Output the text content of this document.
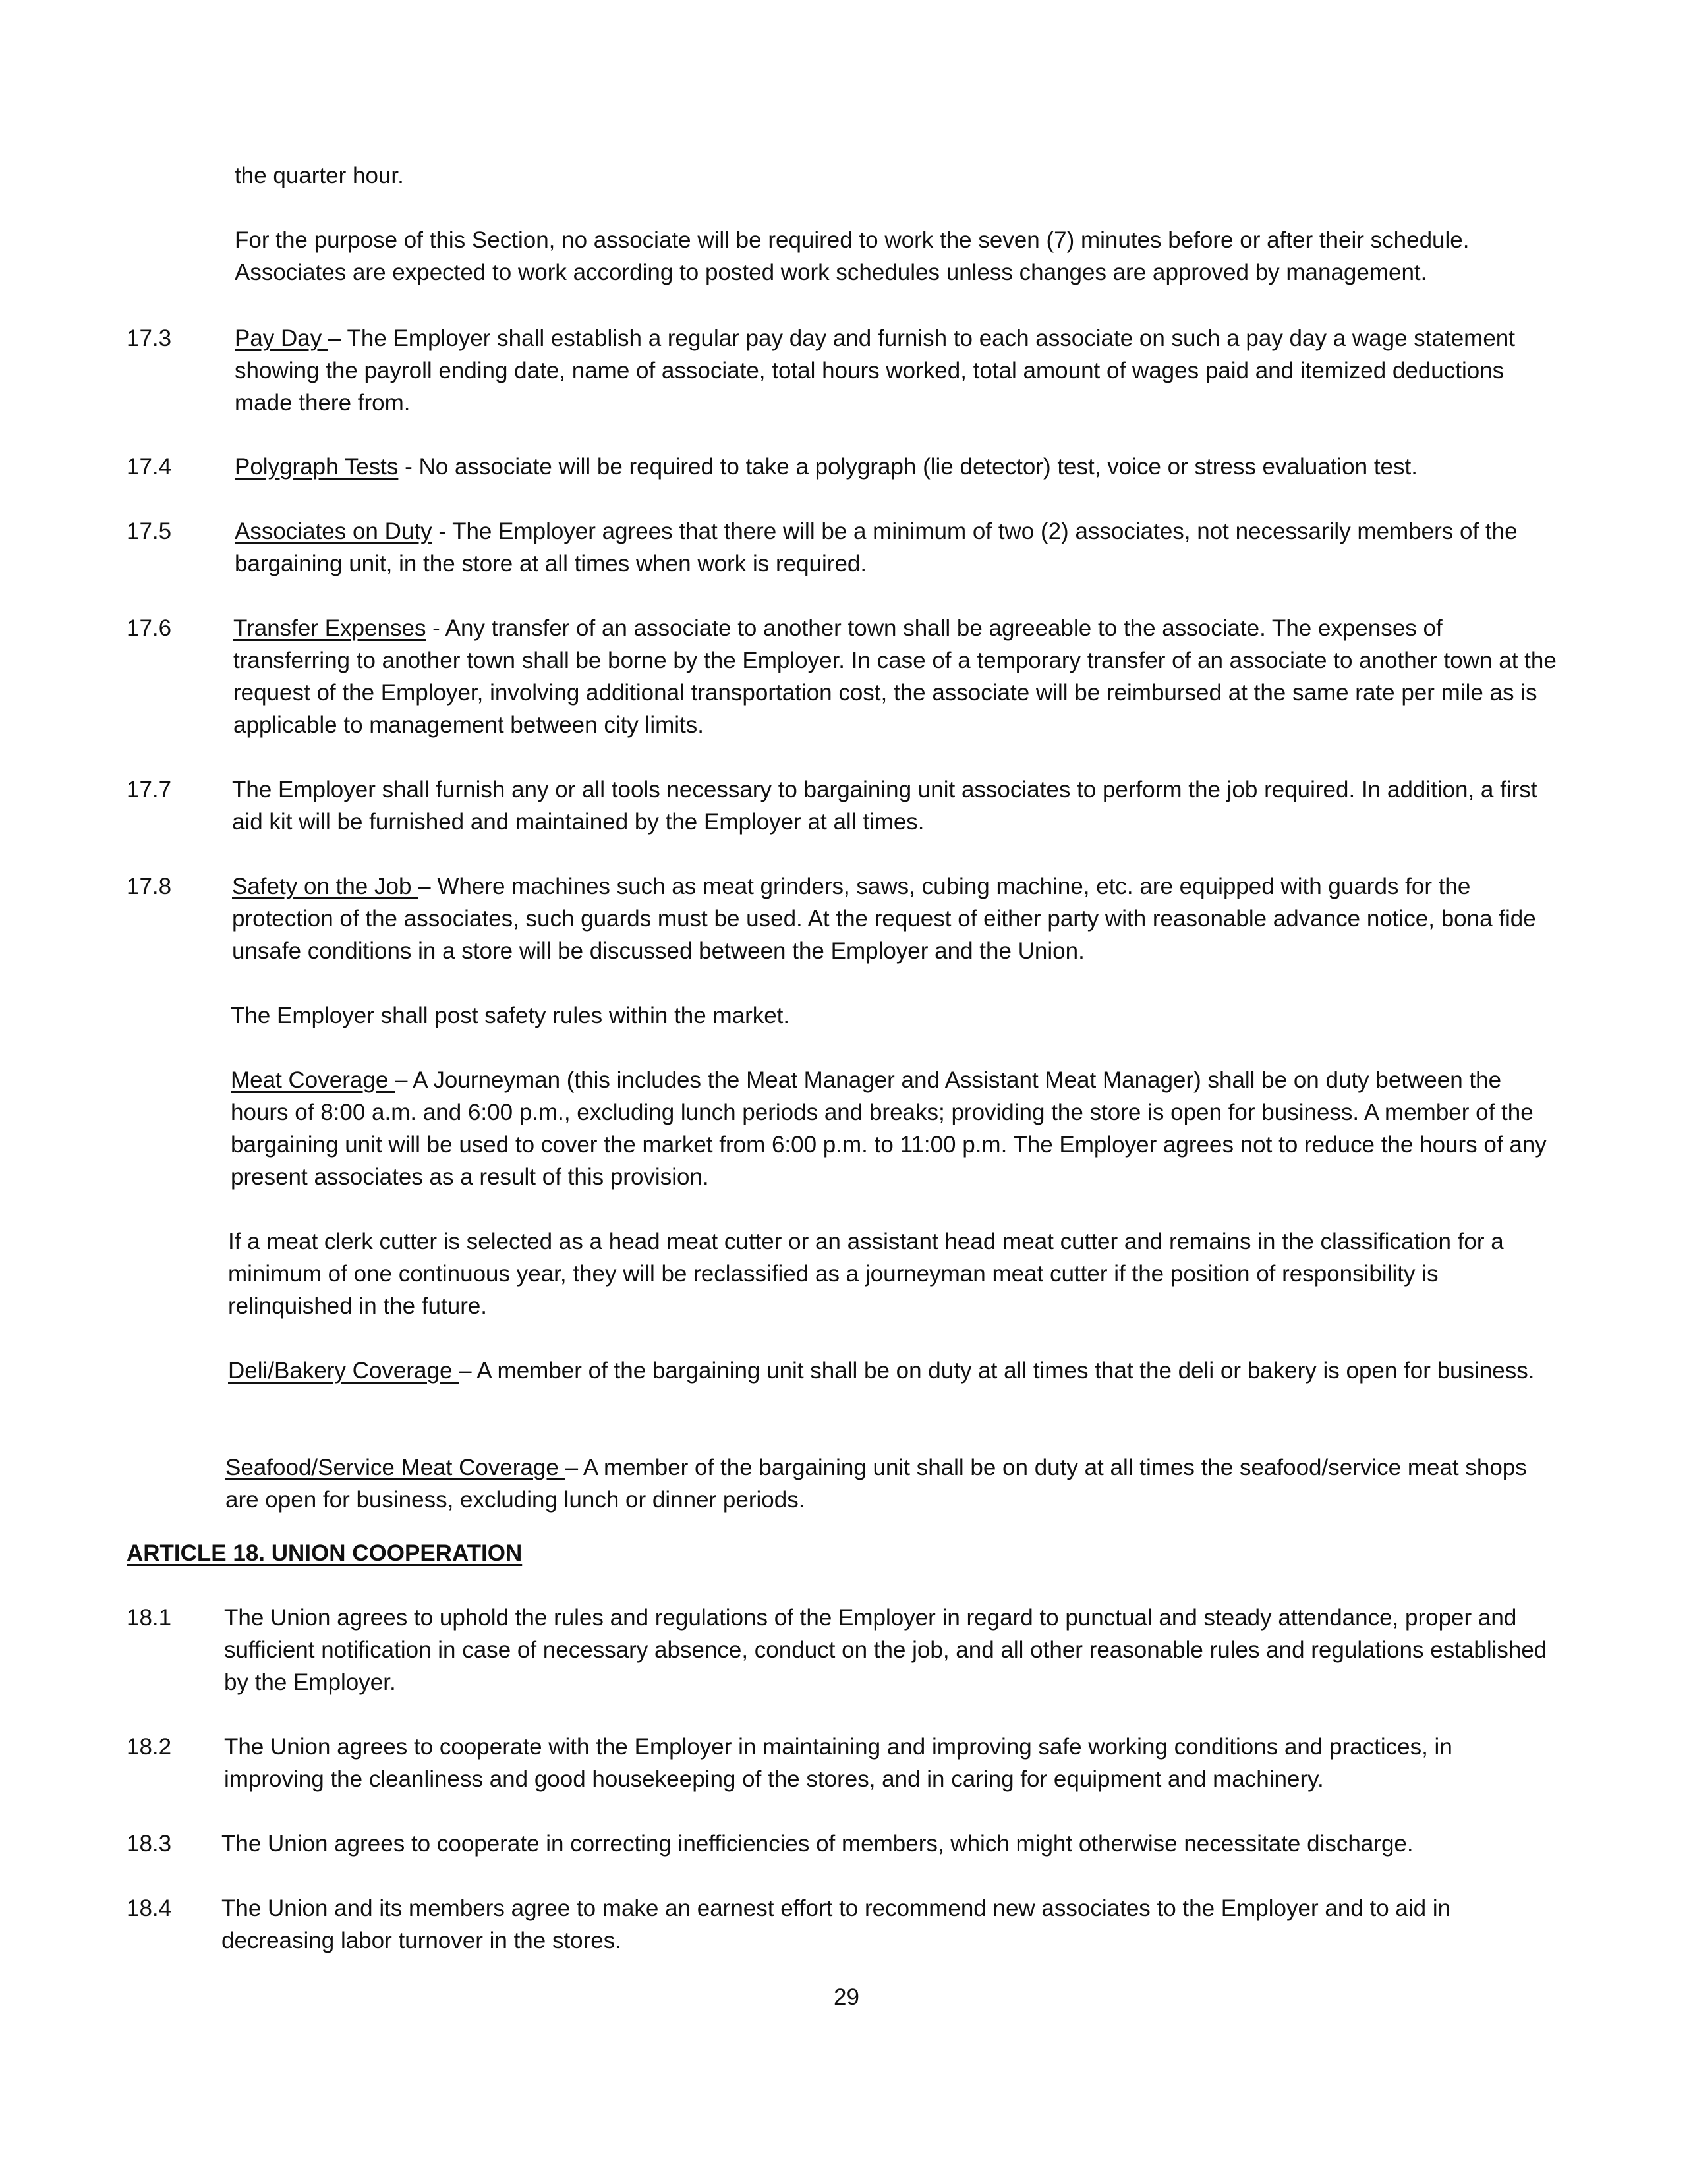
the quarter hour.
For the purpose of this Section, no associate will be required to work the seven (7) minutes before or after their schedule. Associates are expected to work according to posted work schedules unless changes are approved by management.
17.3	Pay Day – The Employer shall establish a regular pay day and furnish to each associate on such a pay day a wage statement showing the payroll ending date, name of associate, total hours worked, total amount of wages paid and itemized deductions made there from.
17.4	Polygraph Tests - No associate will be required to take a polygraph (lie detector) test, voice or stress evaluation test.
17.5	Associates on Duty - The Employer agrees that there will be a minimum of two (2) associates, not necessarily members of the bargaining unit, in the store at all times when work is required.
17.6	Transfer Expenses - Any transfer of an associate to another town shall be agreeable to the associate. The expenses of transferring to another town shall be borne by the Employer. In case of a temporary transfer of an associate to another town at the request of the Employer, involving additional transportation cost, the associate will be reimbursed at the same rate per mile as is applicable to management between city limits.
17.7	The Employer shall furnish any or all tools necessary to bargaining unit associates to perform the job required. In addition, a first aid kit will be furnished and maintained by the Employer at all times.
17.8	Safety on the Job – Where machines such as meat grinders, saws, cubing machine, etc. are equipped with guards for the protection of the associates, such guards must be used. At the request of either party with reasonable advance notice, bona fide unsafe conditions in a store will be discussed between the Employer and the Union.
The Employer shall post safety rules within the market.
Meat Coverage – A Journeyman (this includes the Meat Manager and Assistant Meat Manager) shall be on duty between the hours of 8:00 a.m. and 6:00 p.m., excluding lunch periods and breaks; providing the store is open for business. A member of the bargaining unit will be used to cover the market from 6:00 p.m. to 11:00 p.m. The Employer agrees not to reduce the hours of any present associates as a result of this provision.
If a meat clerk cutter is selected as a head meat cutter or an assistant head meat cutter and remains in the classification for a minimum of one continuous year, they will be reclassified as a journeyman meat cutter if the position of responsibility is relinquished in the future.
Deli/Bakery Coverage – A member of the bargaining unit shall be on duty at all times that the deli or bakery is open for business.
Seafood/Service Meat Coverage – A member of the bargaining unit shall be on duty at all times the seafood/service meat shops are open for business, excluding lunch or dinner periods.
ARTICLE 18. UNION COOPERATION
18.1 The Union agrees to uphold the rules and regulations of the Employer in regard to punctual and steady attendance, proper and sufficient notification in case of necessary absence, conduct on the job, and all other reasonable rules and regulations established by the Employer.
18.2 The Union agrees to cooperate with the Employer in maintaining and improving safe working conditions and practices, in improving the cleanliness and good housekeeping of the stores, and in caring for equipment and machinery.
18.3 The Union agrees to cooperate in correcting inefficiencies of members, which might otherwise necessitate discharge.
18.4 The Union and its members agree to make an earnest effort to recommend new associates to the Employer and to aid in decreasing labor turnover in the stores.
29
